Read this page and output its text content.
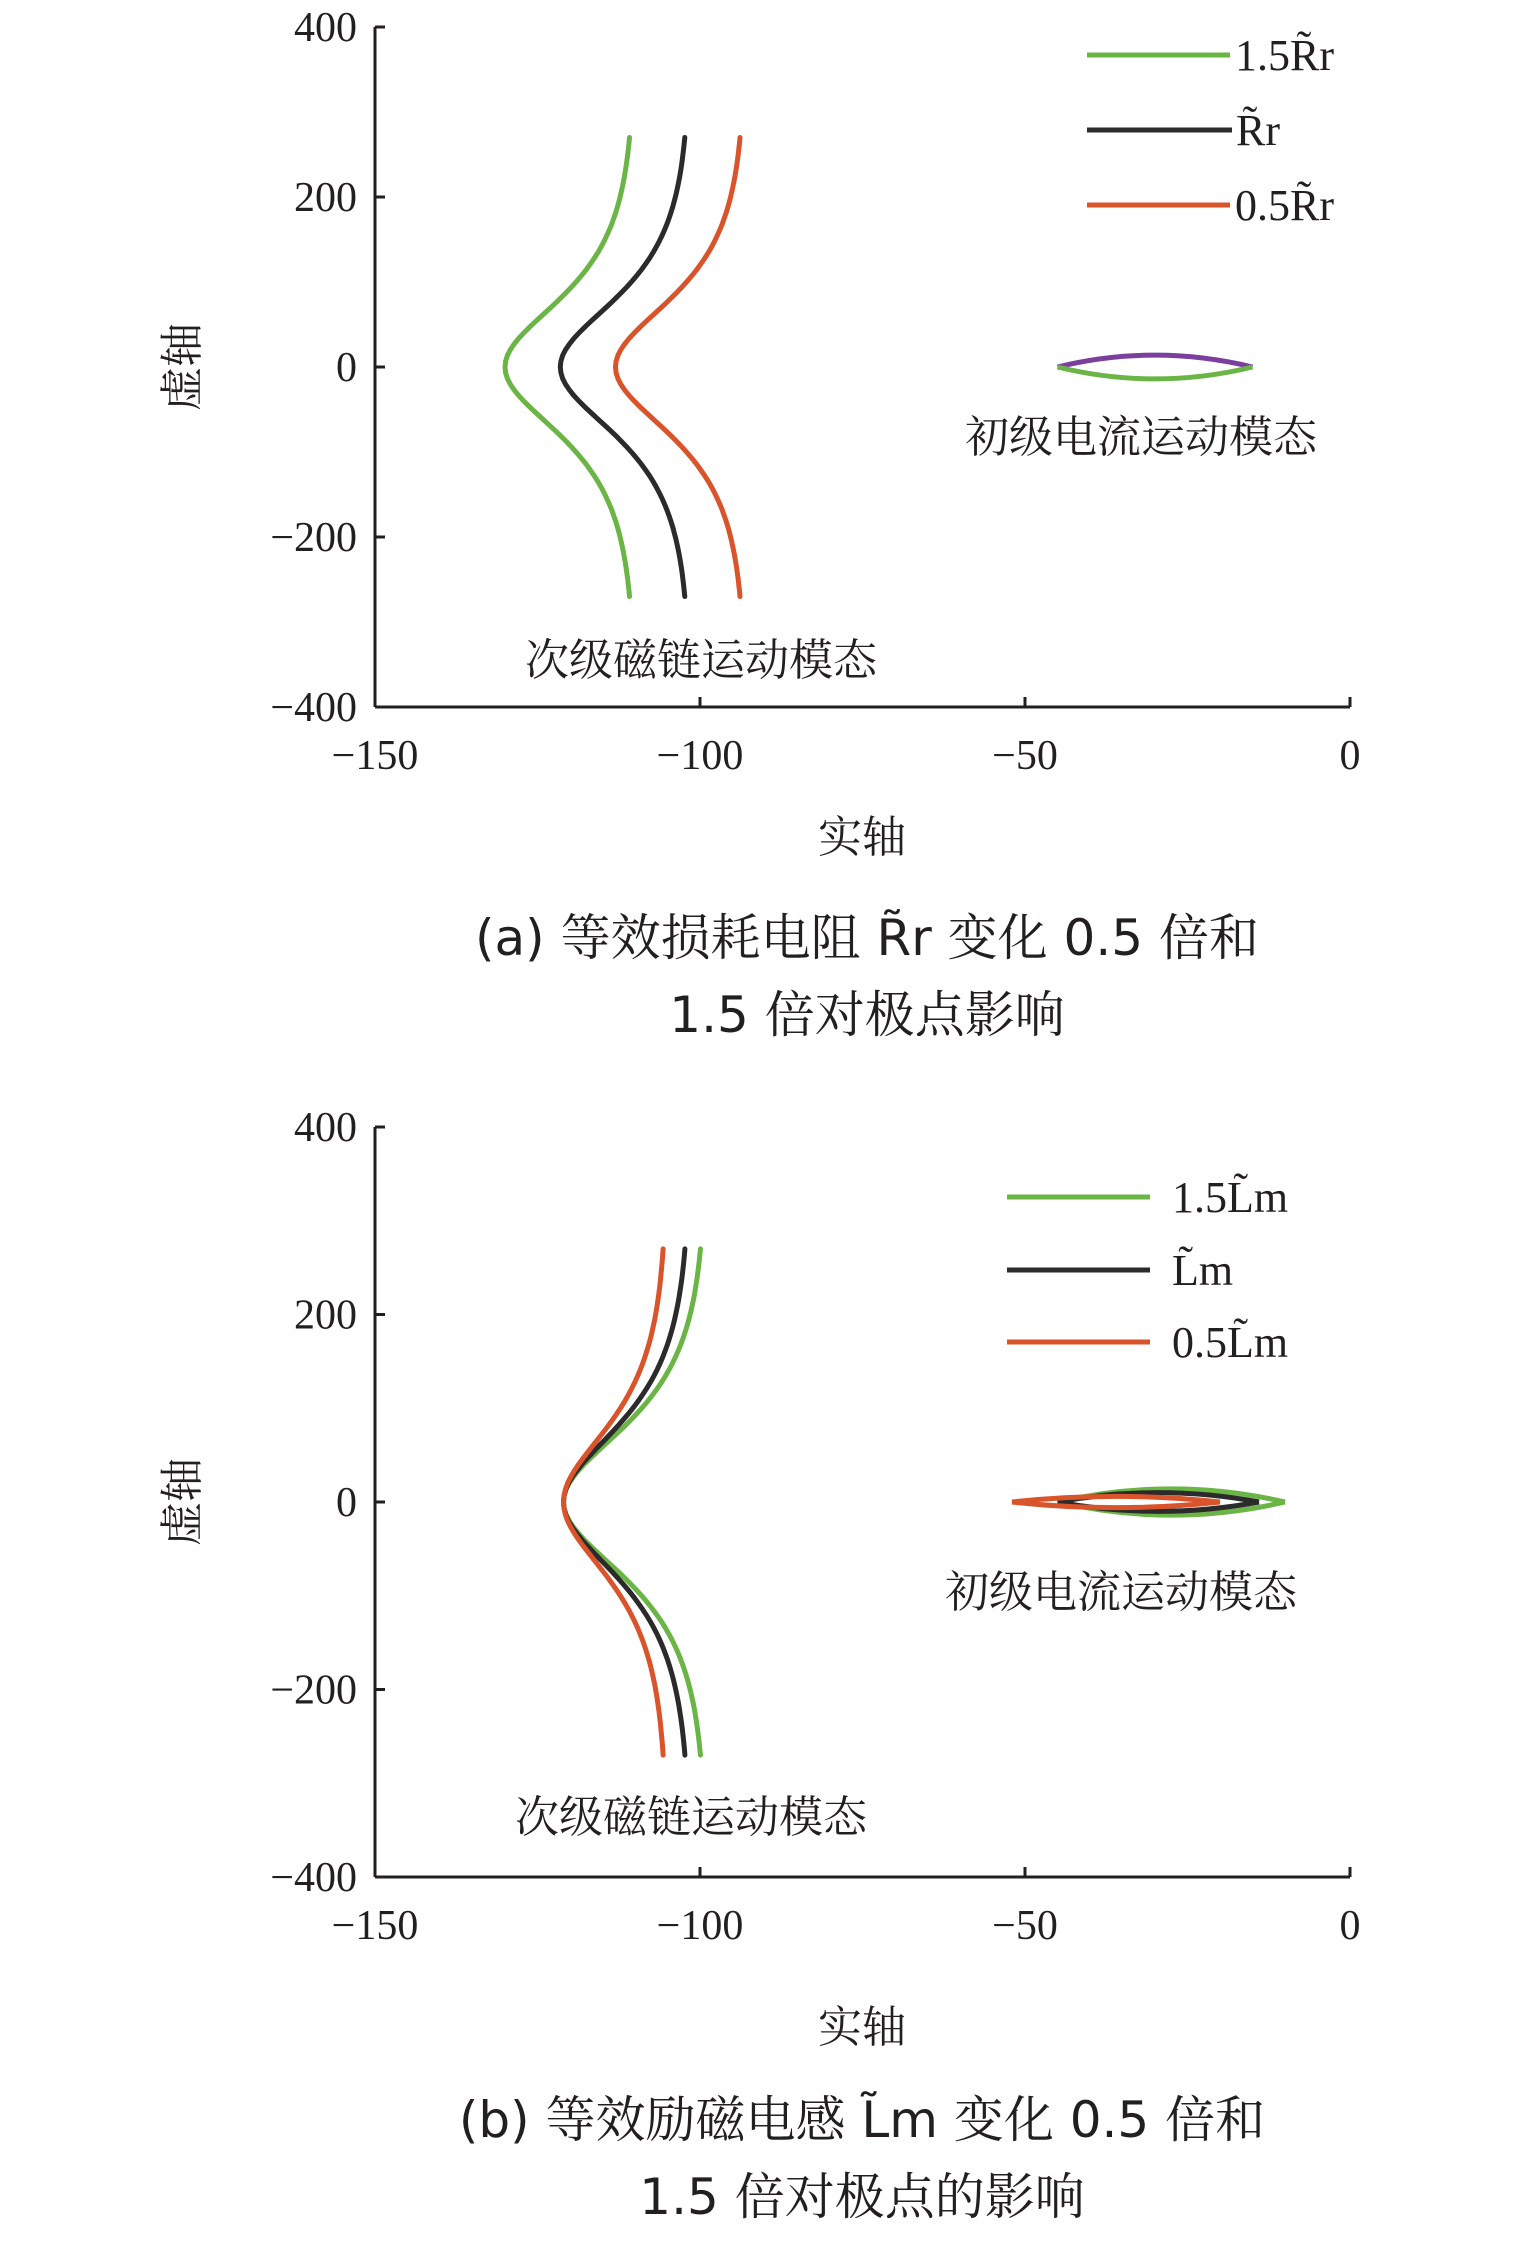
虚轴
实轴
次级磁链运动模态
初级电流运动模态
−150	−100	−50	0
400
200
0
−200
−400
1.5R̃r
R̃r
0.5R̃r
(a) 等效损耗电阻 R̃r 变化 0.5 倍和
1.5 倍对极点影响
虚轴
实轴
次级磁链运动模态
初级电流运动模态
−150	−100	−50	0
400
200
0
−200
−400
1.5L̃m
L̃m
0.5L̃m
(b) 等效励磁电感 L̃m 变化 0.5 倍和
1.5 倍对极点的影响
